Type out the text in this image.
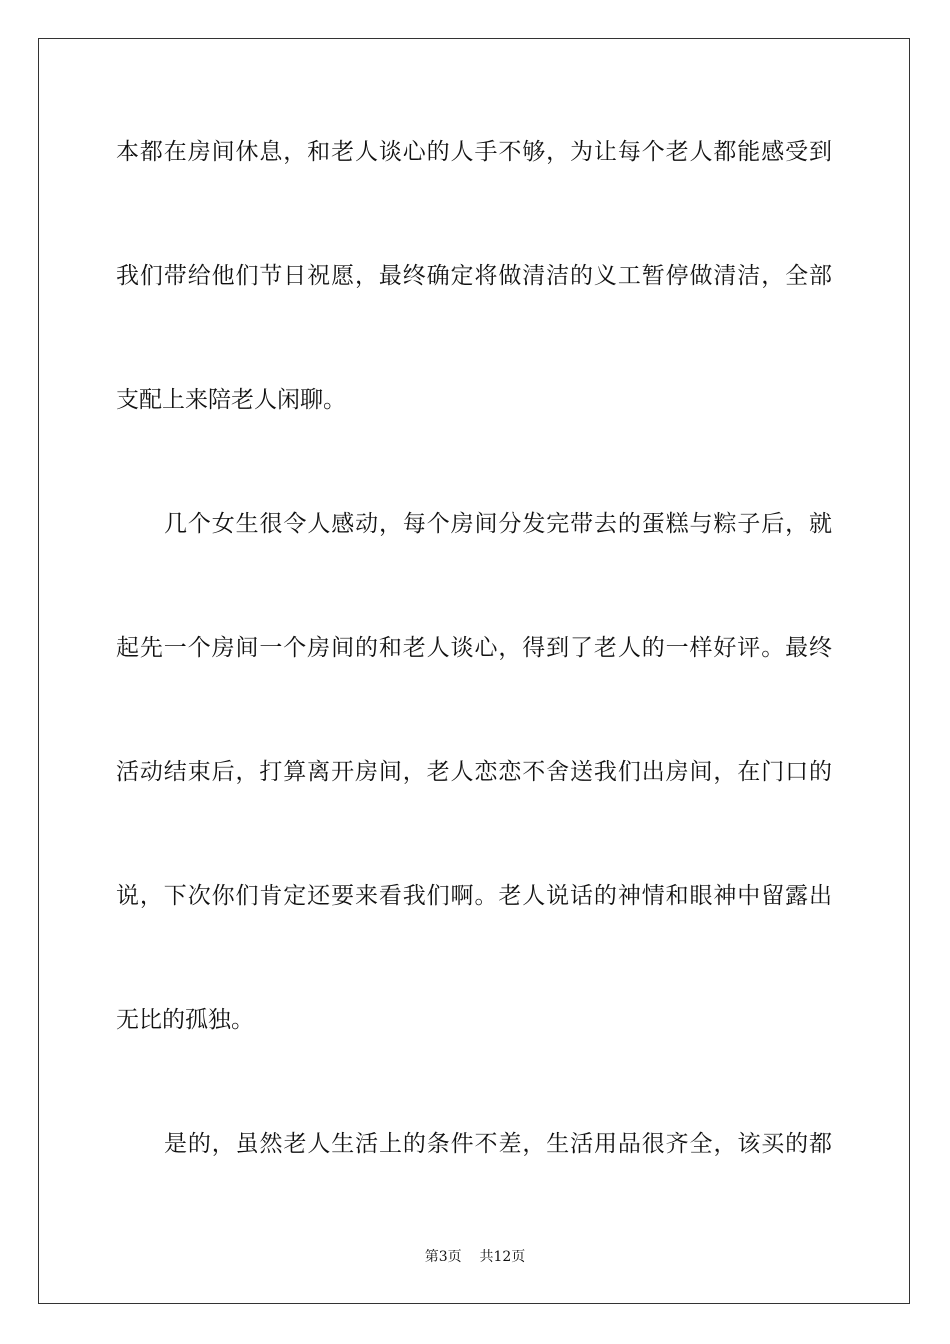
本都在房间休息，和老人谈心的人手不够，为让每个老人都能感受到
我们带给他们节日祝愿，最终确定将做清洁的义工暂停做清洁，全部
支配上来陪老人闲聊。
几个女生很令人感动，每个房间分发完带去的蛋糕与粽子后，就
起先一个房间一个房间的和老人谈心，得到了老人的一样好评。最终
活动结束后，打算离开房间，老人恋恋不舍送我们出房间，在门口的
说，下次你们肯定还要来看我们啊。老人说话的神情和眼神中留露出
无比的孤独。
是的，虽然老人生活上的条件不差，生活用品很齐全，该买的都
第3页 共12页
